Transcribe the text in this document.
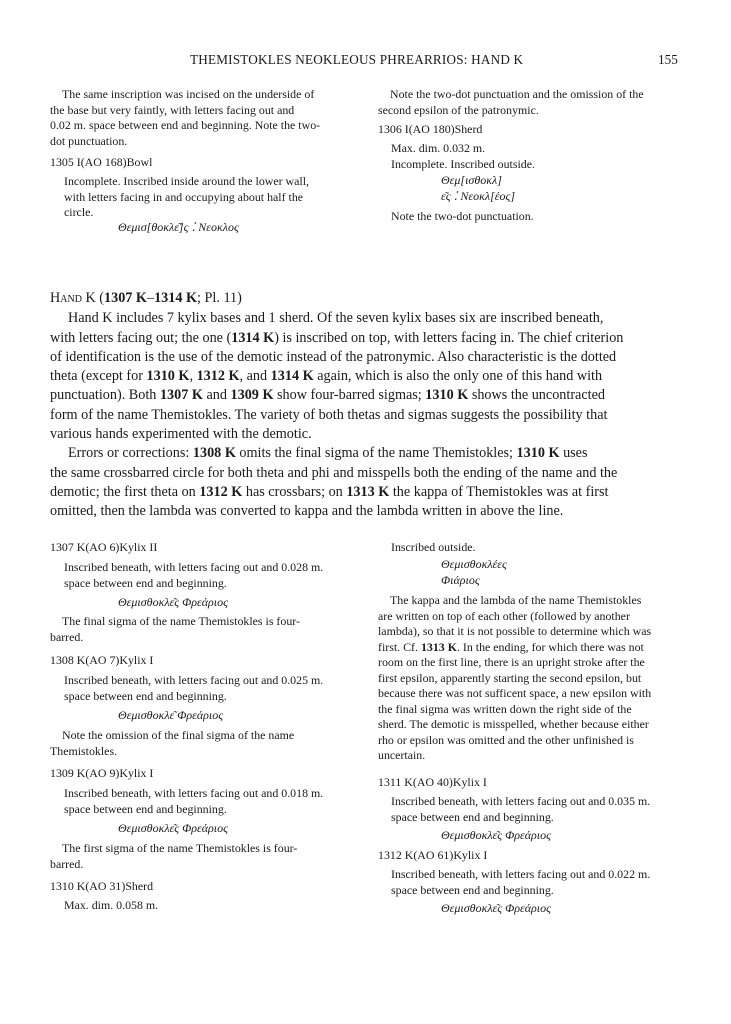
THEMISTOKLES NEOKLEOUS PHREARRIOS: HAND K	155

The same inscription was incised on the underside of

the base but very faintly, with letters facing out and

0.02 m. space between end and beginning. Note the two-

dot punctuation.

1305 I(AO 168)Bowl

Incomplete. Inscribed inside around the lower wall,

with letters facing in and occupying about half the

circle.

Θεμισ[θοκλε͂]ς ⁚ Νεοκλος

Note the two-dot punctuation and the omission of the

second epsilon of the patronymic.

1306 I(AO 180)Sherd

Max. dim. 0.032 m.

Incomplete. Inscribed outside.

Θεμ[ισθοκλ]
ε͂ς ⁚ Νεοκλ[έος]
Note the two-dot punctuation.

Hand K (1307 K–1314 K; Pl. 11)

Hand K includes 7 kylix bases and 1 sherd. Of the seven kylix bases six are inscribed beneath,

with letters facing out; the one (1314 K) is inscribed on top, with letters facing in. The chief criterion

of identification is the use of the demotic instead of the patronymic. Also characteristic is the dotted

theta (except for 1310 K, 1312 K, and 1314 K again, which is also the only one of this hand with

punctuation). Both 1307 K and 1309 K show four-barred sigmas; 1310 K shows the uncontracted

form of the name Themistokles. The variety of both thetas and sigmas suggests the possibility that

various hands experimented with the demotic.

Errors or corrections: 1308 K omits the final sigma of the name Themistokles; 1310 K uses

the same crossbarred circle for both theta and phi and misspells both the ending of the name and the

demotic; the first theta on 1312 K has crossbars; on 1313 K the kappa of Themistokles was at first

omitted, then the lambda was converted to kappa and the lambda written in above the line.

1307 K(AO 6)Kylix II

Inscribed beneath, with letters facing out and 0.028 m.

space between end and beginning.

Θεμισθοκλε͂ς Φρεάριος

The final sigma of the name Themistokles is four-

barred.

1308 K(AO 7)Kylix I

Inscribed beneath, with letters facing out and 0.025 m.

space between end and beginning.

Θεμισθοκλε͂ Φρεάριος

Note the omission of the final sigma of the name

Themistokles.

1309 K(AO 9)Kylix I

Inscribed beneath, with letters facing out and 0.018 m.

space between end and beginning.

Θεμισθοκλε͂ς Φρεάριος

The first sigma of the name Themistokles is four-

barred.

1310 K(AO 31)Sherd
Max. dim. 0.058 m.
Inscribed outside.
Θεμισθοκλέες
Φιάριος

The kappa and the lambda of the name Themistokles

are written on top of each other (followed by another

lambda), so that it is not possible to determine which was

first. Cf. 1313 K. In the ending, for which there was not

room on the first line, there is an upright stroke after the

first epsilon, apparently starting the second epsilon, but

because there was not sufficent space, a new epsilon with

the final sigma was written down the right side of the

sherd. The demotic is misspelled, whether because either

rho or epsilon was omitted and the other unfinished is

uncertain.

1311 K(AO 40)Kylix I

Inscribed beneath, with letters facing out and 0.035 m.

space between end and beginning.

Θεμισθοκλε͂ς Φρεάριος
1312 K(AO 61)Kylix I

Inscribed beneath, with letters facing out and 0.022 m.

space between end and beginning.

Θεμισθοκλε͂ς Φρεάριος
